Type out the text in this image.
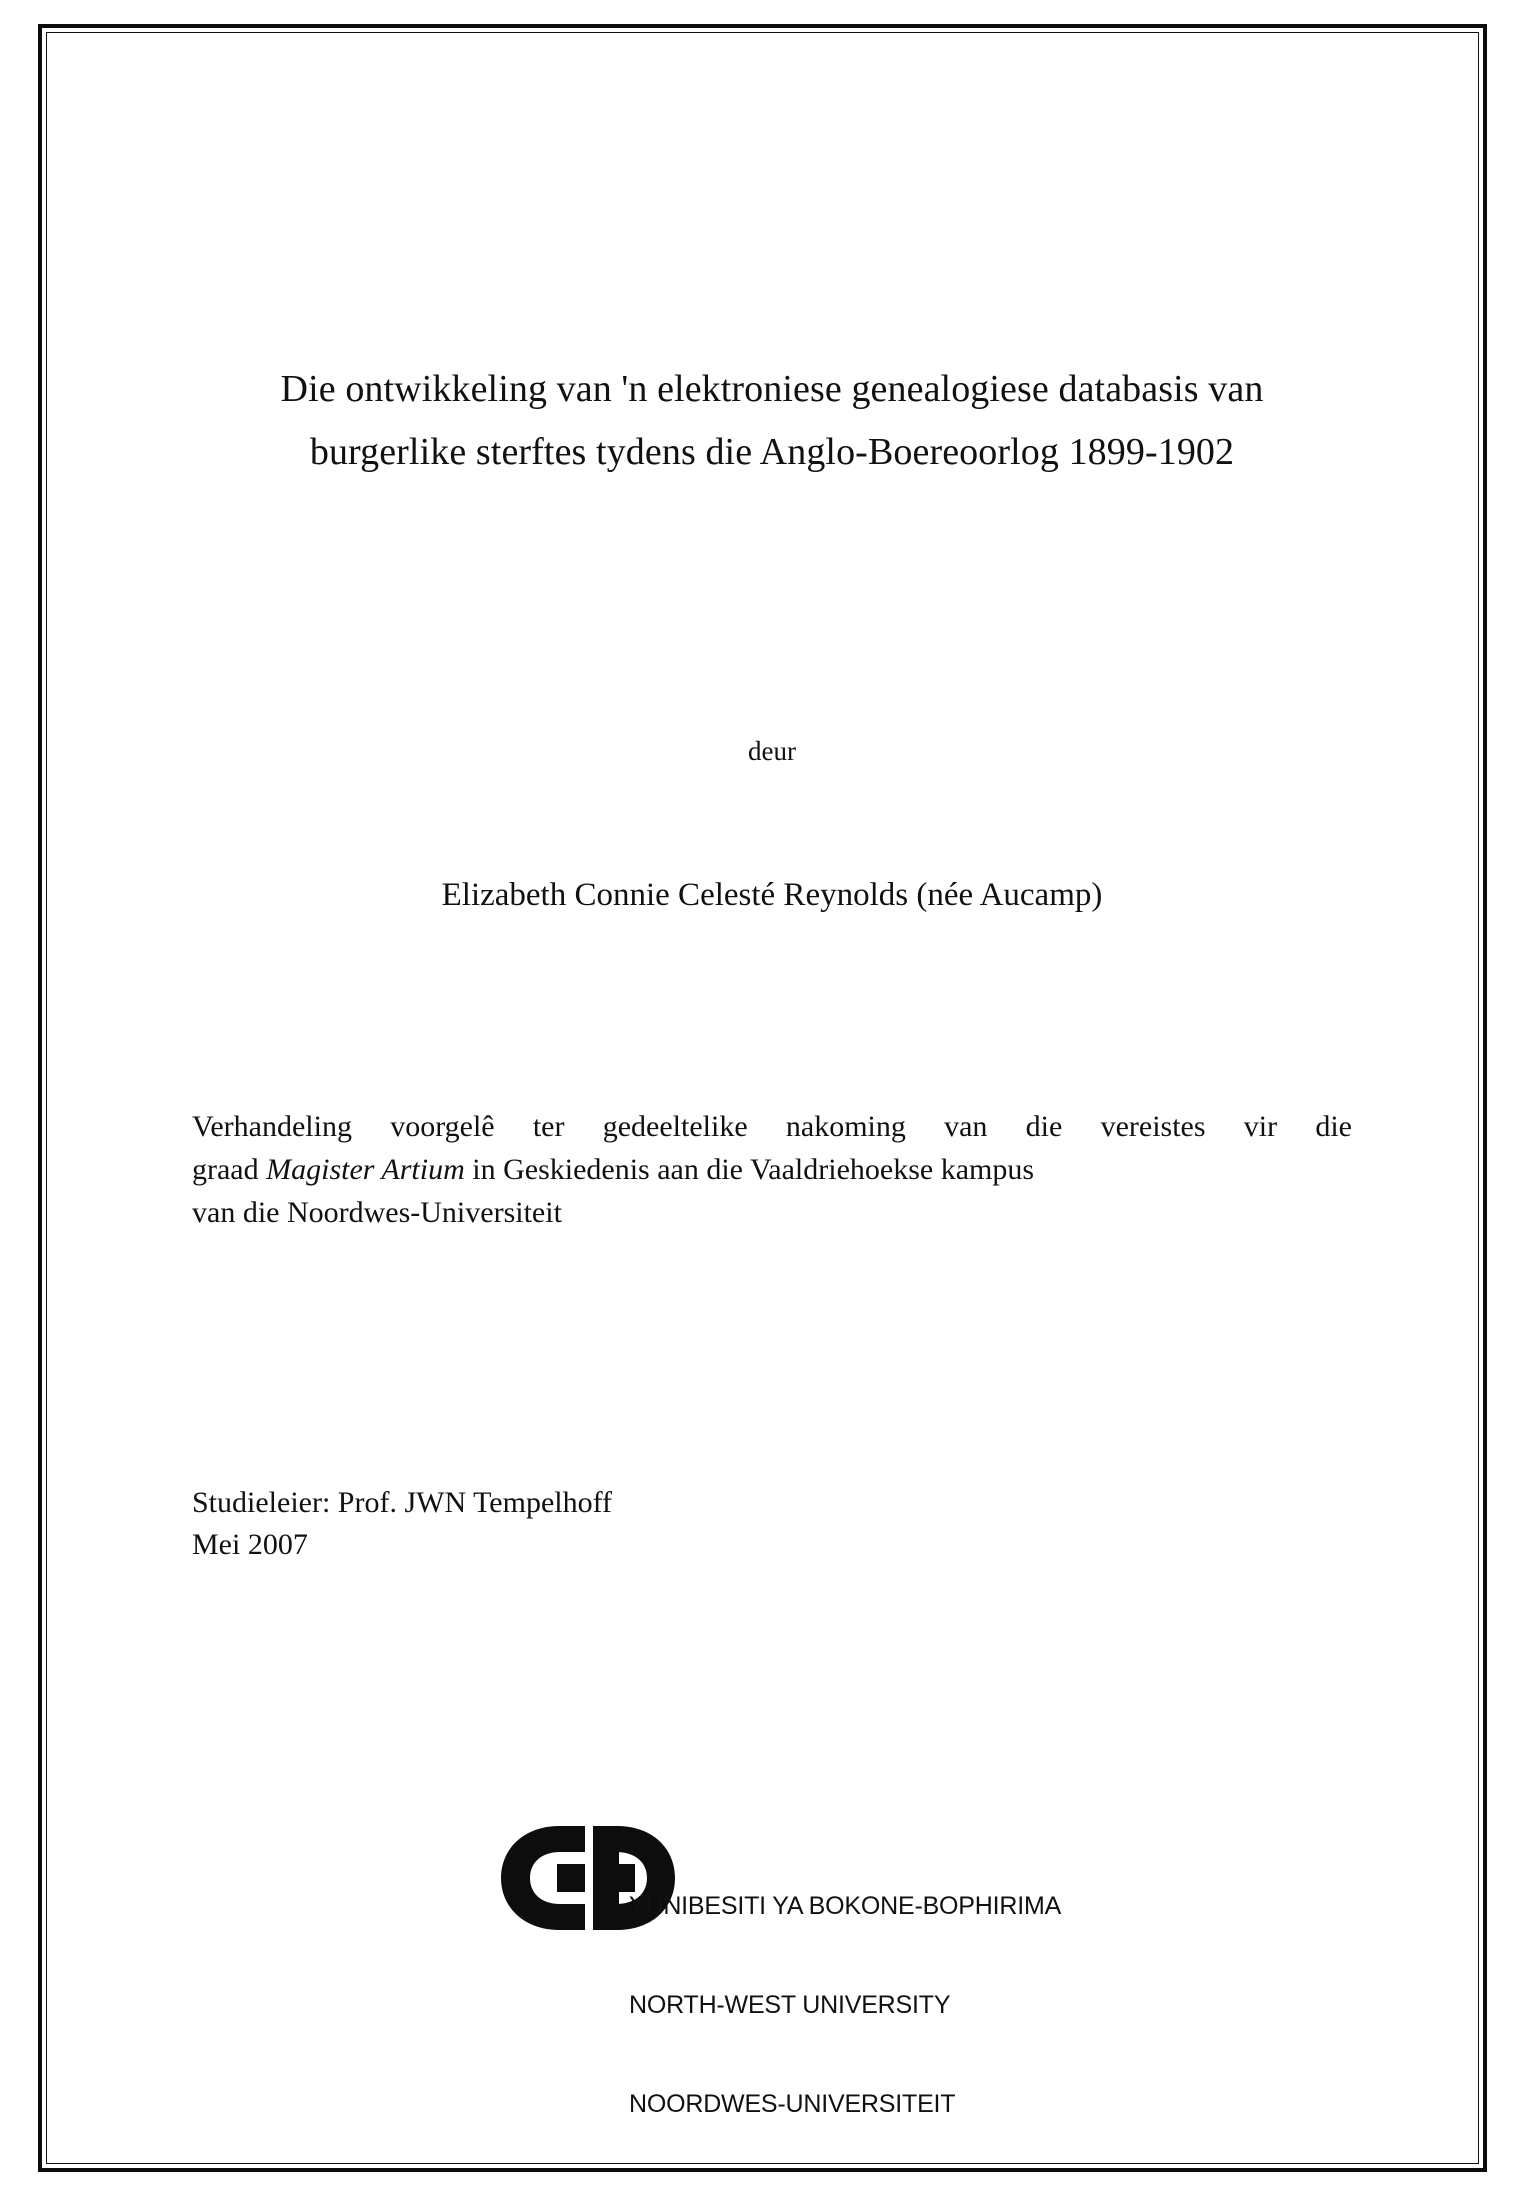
Die ontwikkeling van 'n elektroniese genealogiese databasis van
burgerlike sterftes tydens die Anglo-Boereoorlog 1899-1902
deur
Elizabeth Connie Celesté Reynolds (née Aucamp)
Verhandeling voorgelê ter gedeeltelike nakoming van die vereistes vir die
graad Magister Artium in Geskiedenis aan die Vaaldriehoekse kampus
van die Noordwes-Universiteit
Studieleier: Prof. JWN Tempelhoff
Mei 2007

YUNIBESITI YA BOKONE-BOPHIRIMA

NORTH-WEST UNIVERSITY

NOORDWES-UNIVERSITEIT
